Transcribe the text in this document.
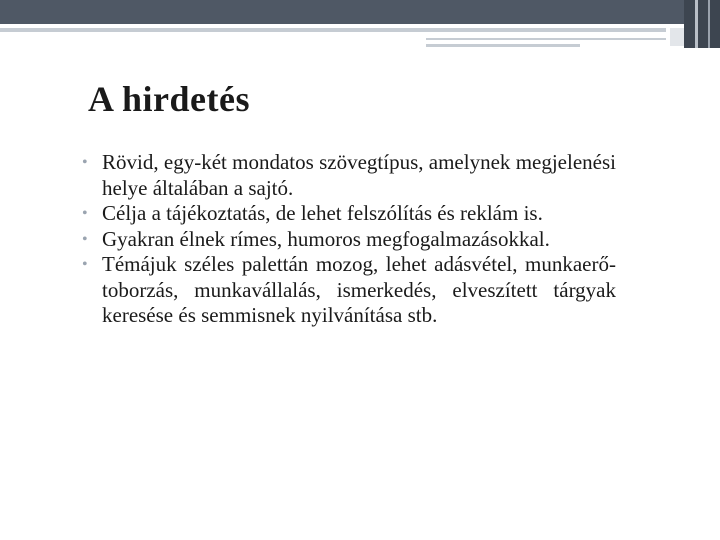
A hirdetés
• Rövid, egy-két mondatos szövegtípus, amelynek megjelenési helye általában a sajtó.
• Célja a tájékoztatás, de lehet felszólítás és reklám is.
• Gyakran élnek rímes, humoros megfogalmazásokkal.
• Témájuk széles palettán mozog, lehet adásvétel, munkaerő-toborzás, munkavállalás, ismerkedés, elveszített tárgyak keresése és semmisnek nyilvánítása stb.
